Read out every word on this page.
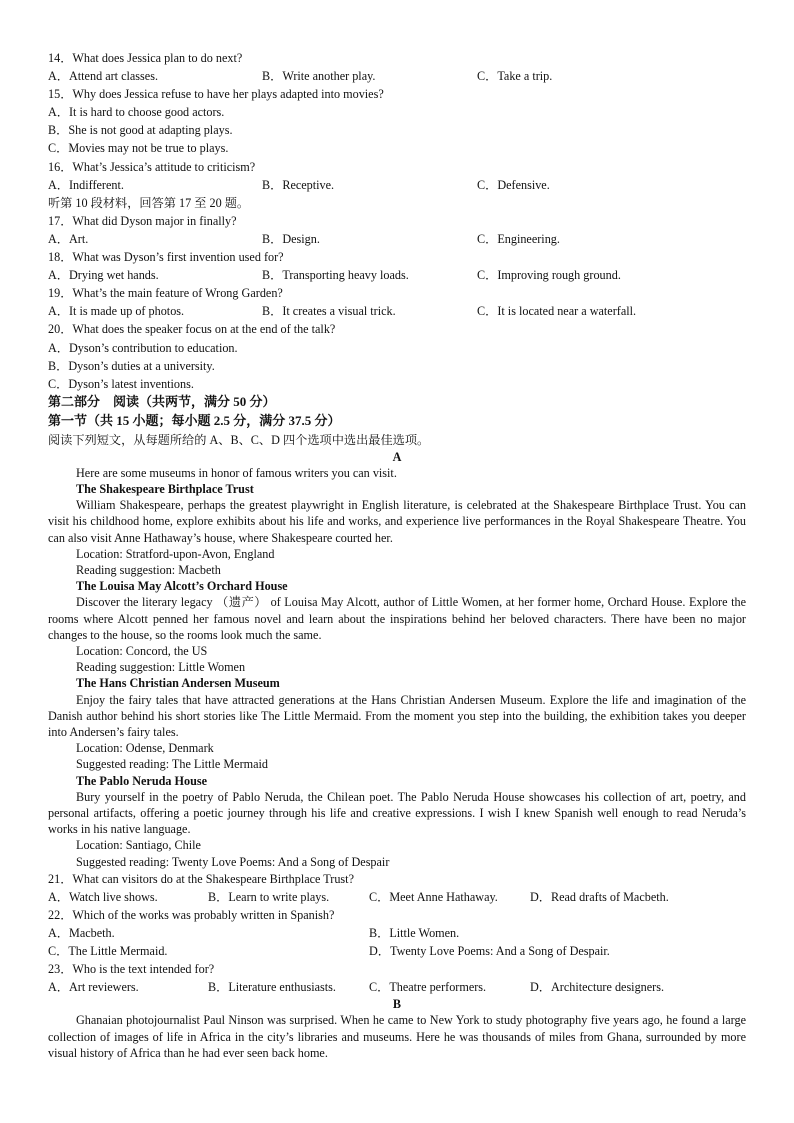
14．What does Jessica plan to do next?
A．Attend art classes.	B．Write another play.	C．Take a trip.
15．Why does Jessica refuse to have her plays adapted into movies?
A．It is hard to choose good actors.
B．She is not good at adapting plays.
C．Movies may not be true to plays.
16．What’s Jessica’s attitude to criticism?
A．Indifferent.	B．Receptive.	C．Defensive.
听第 10 段材料，回答第 17 至 20 题。
17．What did Dyson major in finally?
A．Art.	B．Design.	C．Engineering.
18．What was Dyson’s first invention used for?
A．Drying wet hands.	B．Transporting heavy loads.	C．Improving rough ground.
19．What’s the main feature of Wrong Garden?
A．It is made up of photos.	B．It creates a visual trick.	C．It is located near a waterfall.
20．What does the speaker focus on at the end of the talk?
A．Dyson’s contribution to education.
B．Dyson’s duties at a university.
C．Dyson’s latest inventions.
第二部分　阅读（共两节，满分 50 分）
第一节（共 15 小题；每小题 2.5 分，满分 37.5 分）
阅读下列短文，从每题所给的 A、B、C、D 四个选项中选出最佳选项。
A
Here are some museums in honor of famous writers you can visit.
The Shakespeare Birthplace Trust
William Shakespeare, perhaps the greatest playwright in English literature, is celebrated at the Shakespeare Birthplace Trust. You can visit his childhood home, explore exhibits about his life and works, and experience live performances in the Royal Shakespeare Theatre. You can also visit Anne Hathaway’s house, where Shakespeare courted her.
Location: Stratford-upon-Avon, England
Reading suggestion: Macbeth
The Louisa May Alcott’s Orchard House
Discover the literary legacy （遗产） of Louisa May Alcott, author of Little Women, at her former home, Orchard House. Explore the rooms where Alcott penned her famous novel and learn about the inspirations behind her beloved characters. There have been no major changes to the house, so the rooms look much the same.
Location: Concord, the US
Reading suggestion: Little Women
The Hans Christian Andersen Museum
Enjoy the fairy tales that have attracted generations at the Hans Christian Andersen Museum. Explore the life and imagination of the Danish author behind his short stories like The Little Mermaid. From the moment you step into the building, the exhibition takes you deeper into Andersen’s fairy tales.
Location: Odense, Denmark
Suggested reading: The Little Mermaid
The Pablo Neruda House
Bury yourself in the poetry of Pablo Neruda, the Chilean poet. The Pablo Neruda House showcases his collection of art, poetry, and personal artifacts, offering a poetic journey through his life and creative expressions. I wish I knew Spanish well enough to read Neruda’s works in his native language.
Location: Santiago, Chile
Suggested reading: Twenty Love Poems: And a Song of Despair
21．What can visitors do at the Shakespeare Birthplace Trust?
A．Watch live shows.	B．Learn to write plays.	C．Meet Anne Hathaway.	D．Read drafts of Macbeth.
22．Which of the works was probably written in Spanish?
A．Macbeth.	B．Little Women.
C．The Little Mermaid.	D．Twenty Love Poems: And a Song of Despair.
23．Who is the text intended for?
A．Art reviewers.	B．Literature enthusiasts.	C．Theatre performers.	D．Architecture designers.
B
Ghanaian photojournalist Paul Ninson was surprised. When he came to New York to study photography five years ago, he found a large collection of images of life in Africa in the city’s libraries and museums. Here he was thousands of miles from Ghana, surrounded by more visual history of Africa than he had ever seen back home.
